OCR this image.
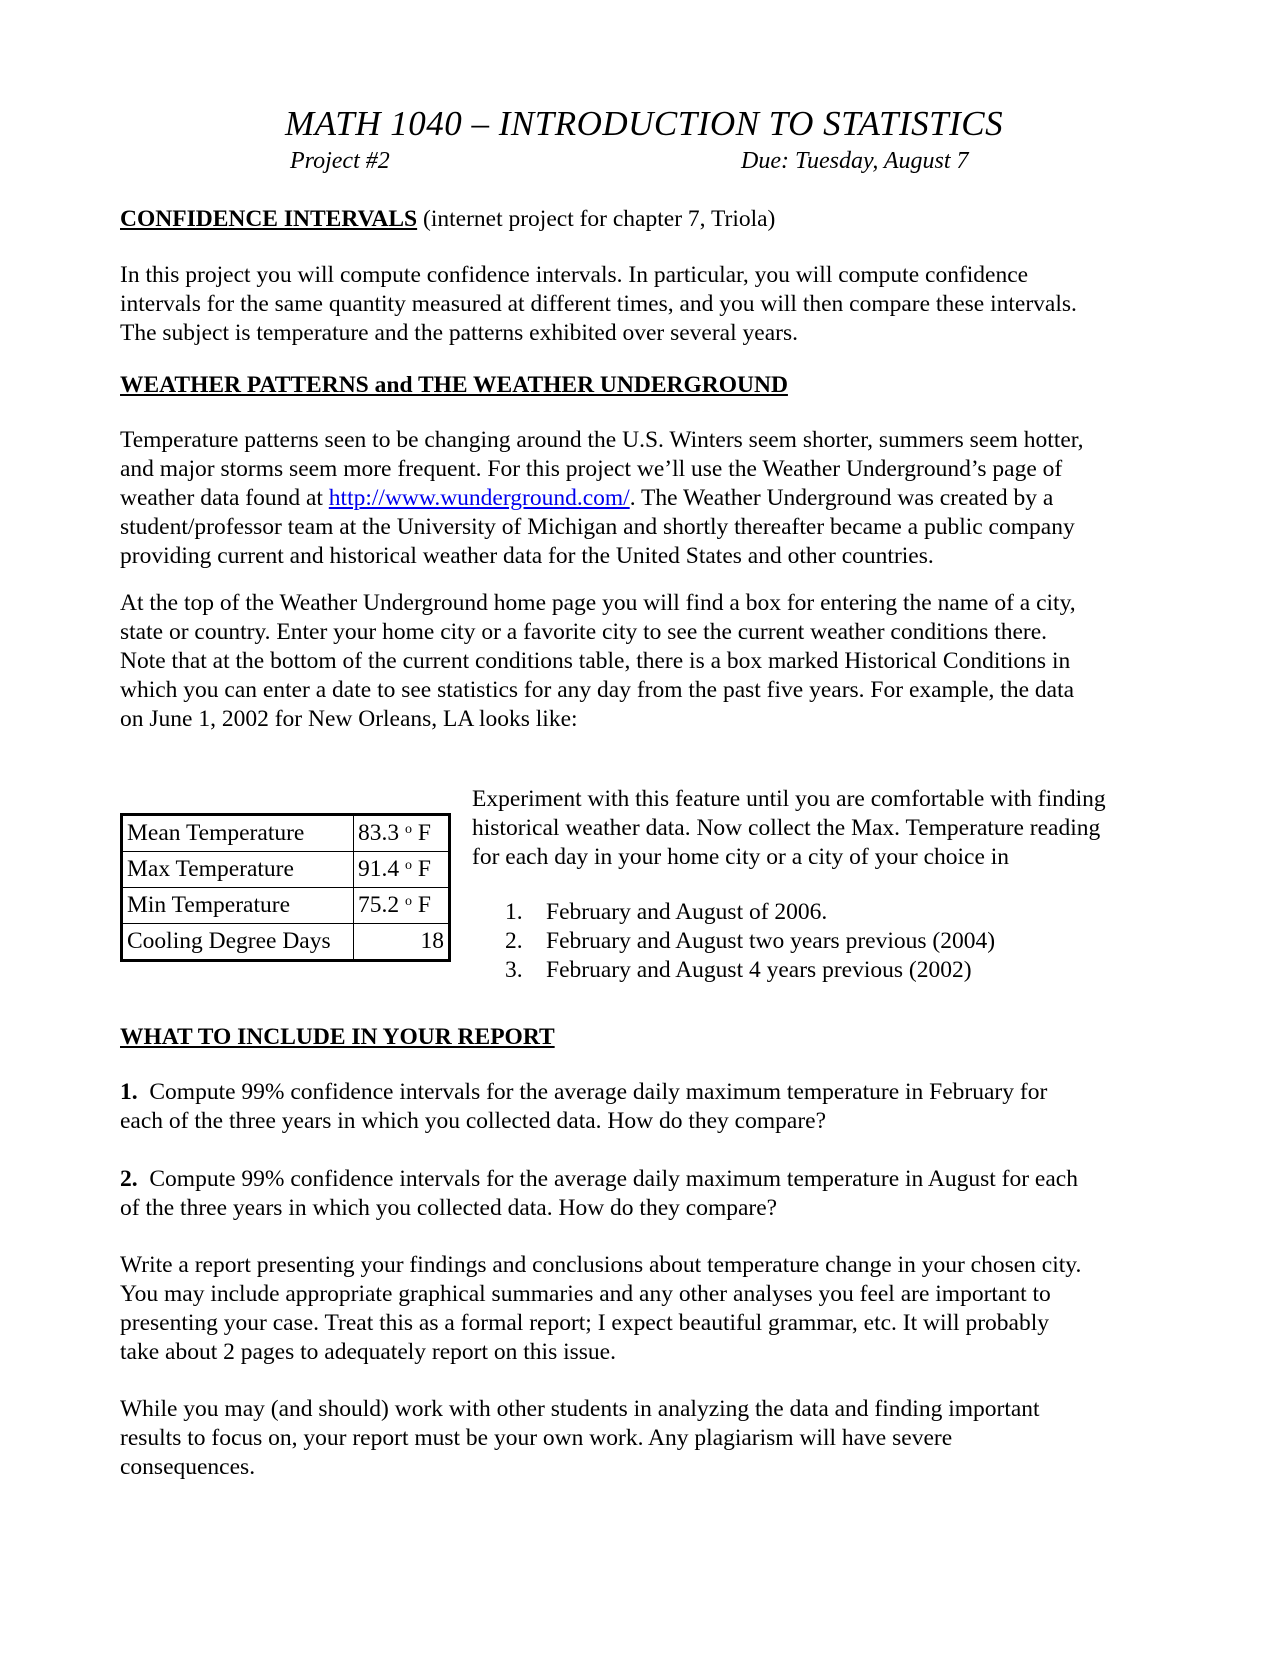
MATH 1040 – INTRODUCTION TO STATISTICS
Project #2	Due: Tuesday, August 7
CONFIDENCE INTERVALS (internet project for chapter 7, Triola)
In this project you will compute confidence intervals. In particular, you will compute confidence
intervals for the same quantity measured at different times, and you will then compare these intervals.
The subject is temperature and the patterns exhibited over several years.
WEATHER PATTERNS and THE WEATHER UNDERGROUND
Temperature patterns seen to be changing around the U.S. Winters seem shorter, summers seem hotter,
and major storms seem more frequent. For this project we’ll use the Weather Underground’s page of
weather data found at http://www.wunderground.com/. The Weather Underground was created by a
student/professor team at the University of Michigan and shortly thereafter became a public company
providing current and historical weather data for the United States and other countries.
At the top of the Weather Underground home page you will find a box for entering the name of a city,
state or country. Enter your home city or a favorite city to see the current weather conditions there.
Note that at the bottom of the current conditions table, there is a box marked Historical Conditions in
which you can enter a date to see statistics for any day from the past five years. For example, the data
on June 1, 2002 for New Orleans, LA looks like:
Mean Temperature	83.3 $^o$ F
Max Temperature	91.4 $^o$ F
Min Temperature	75.2 $^o$ F
Cooling Degree Days	18
Experiment with this feature until you are comfortable with finding
historical weather data. Now collect the Max. Temperature reading
for each day in your home city or a city of your choice in
1. February and August of 2006.
2. February and August two years previous (2004)
3. February and August 4 years previous (2002)
WHAT TO INCLUDE IN YOUR REPORT
1.  Compute 99% confidence intervals for the average daily maximum temperature in February for
each of the three years in which you collected data. How do they compare?
2.  Compute 99% confidence intervals for the average daily maximum temperature in August for each
of the three years in which you collected data. How do they compare?
Write a report presenting your findings and conclusions about temperature change in your chosen city.
You may include appropriate graphical summaries and any other analyses you feel are important to
presenting your case. Treat this as a formal report; I expect beautiful grammar, etc. It will probably
take about 2 pages to adequately report on this issue.
While you may (and should) work with other students in analyzing the data and finding important
results to focus on, your report must be your own work. Any plagiarism will have severe
consequences.
